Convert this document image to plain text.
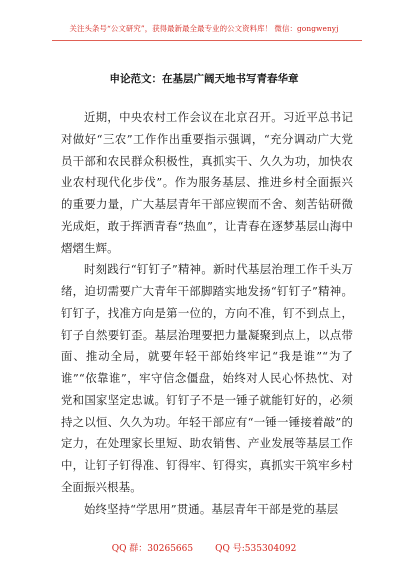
关注头条号“公文研究”，获得最新最全最专业的公文资料库！ 微信：gongwenyj
申论范文：在基层广阔天地书写青春华章

近期，中央农村工作会议在北京召开。习近平总书记对做好“三农”工作作出重要指示强调，“充分调动广大党员干部和农民群众积极性，真抓实干、久久为功，加快农业农村现代化步伐”。作为服务基层、推进乡村全面振兴的重要力量，广大基层青年干部应锲而不舍、刻苦钻研微光成炬，敢于挥洒青春“热血”，让青春在逐梦基层山海中熠熠生辉。

时刻践行“钉钉子”精神。新时代基层治理工作千头万绪，迫切需要广大青年干部脚踏实地发扬“钉钉子”精神。钉钉子，找准方向是第一位的，方向不准，钉不到点上，钉子自然要钉歪。基层治理要把力量凝聚到点上，以点带面、推动全局，就要年轻干部始终牢记“我是谁”“为了谁”“依靠谁”，牢守信念僵盘，始终对人民心怀热忱、对党和国家坚定忠诚。钉钉子不是一锤子就能钉好的，必须持之以恒、久久为功。年轻干部应有“一锤一锤接着敲”的定力，在处理家长里短、助农销售、产业发展等基层工作中，让钉子钉得准、钉得牢、钉得实，真抓实干筑牢乡村全面振兴根基。

始终坚持“学思用”贯通。基层青年干部是党的基层

QQ 群：30265665 QQ 号:535304092
